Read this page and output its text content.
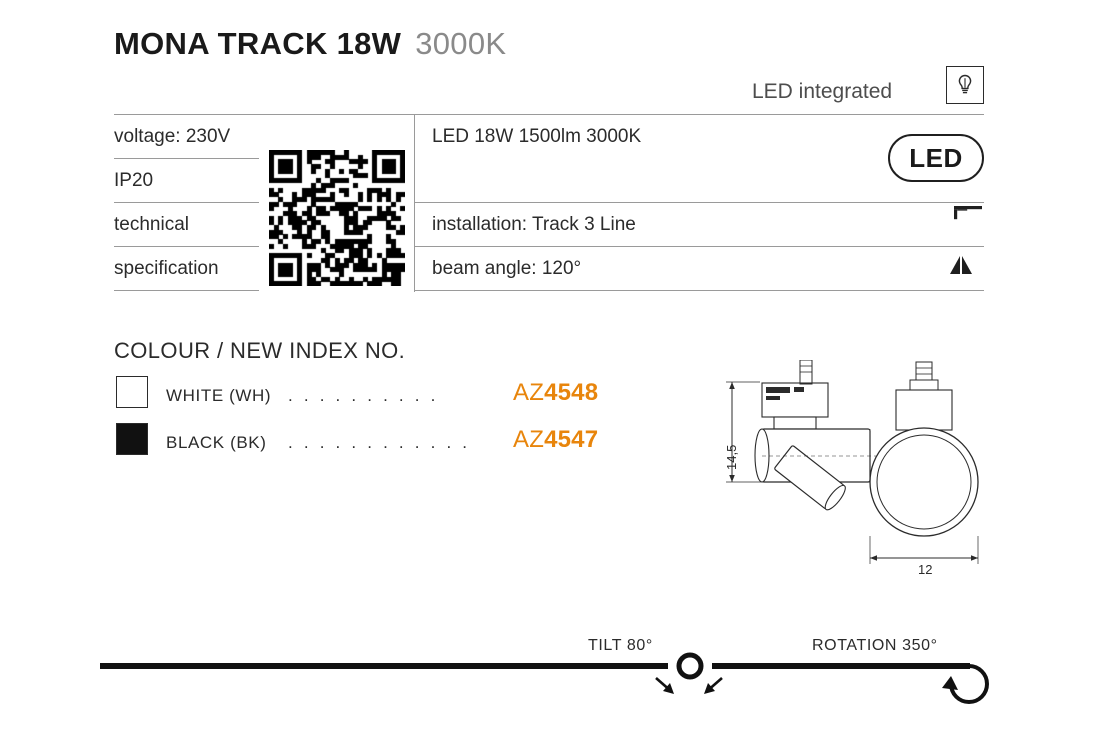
MONA TRACK 18W 3000K
LED integrated
voltage: 230V
IP20
technical
specification
LED 18W 1500lm 3000K
installation: Track 3 Line
beam angle: 120°
LED
COLOUR / NEW INDEX NO.
WHITE (WH) . . . . . . . . . .	AZ4548
BLACK (BK) . . . . . . . . . . . . AZ4547
14,5
12
TILT 80°	ROTATION 350°
